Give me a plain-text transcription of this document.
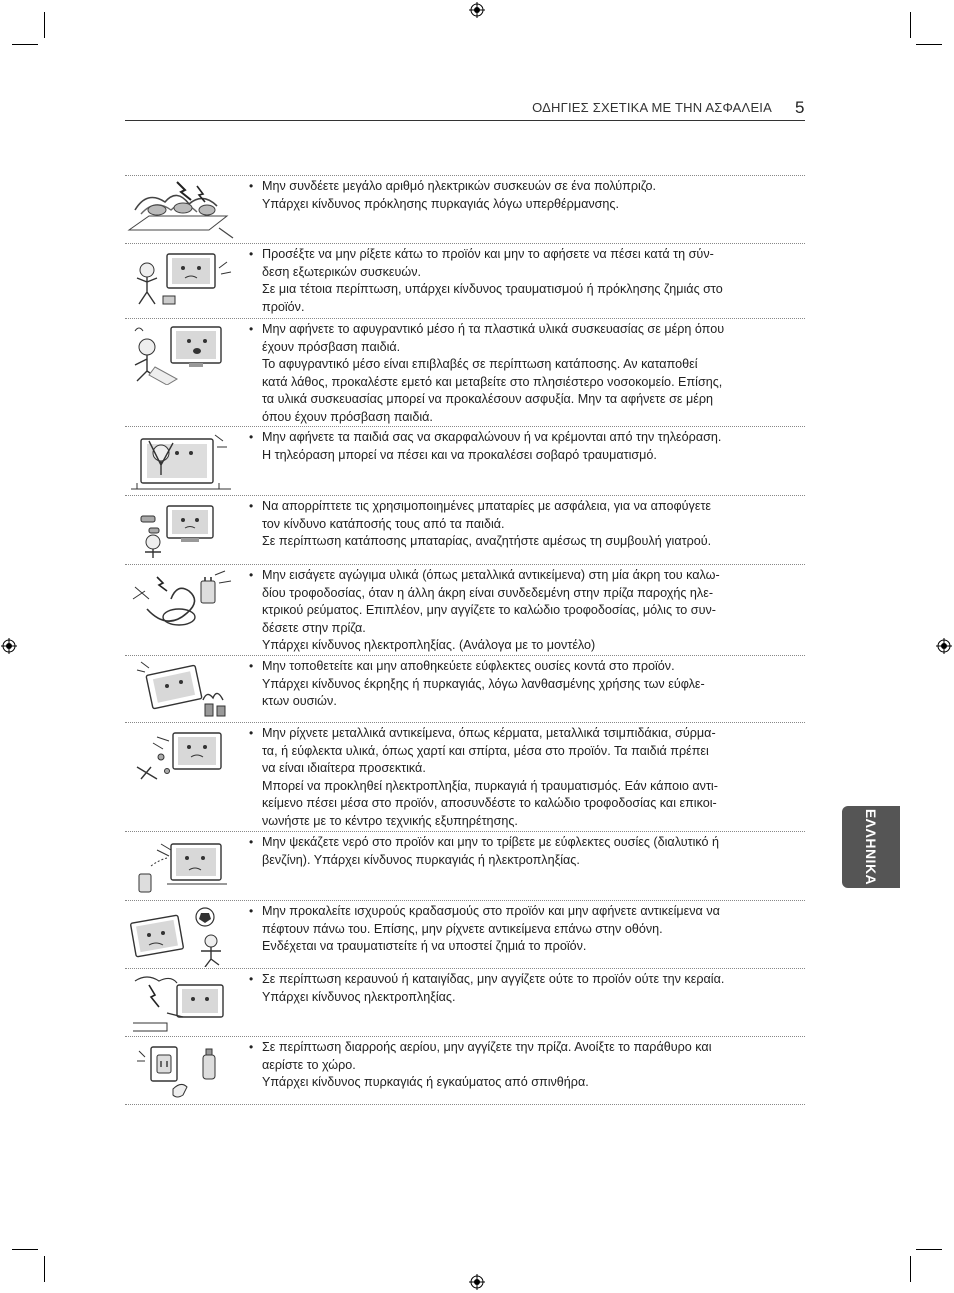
ΟΔΗΓΙΕΣ ΣΧΕΤΙΚΑ ΜΕ ΤΗΝ ΑΣΦΑΛΕΙΑ 5
ΕΛΛΗΝΙΚΑ
• Μην συνδέετε μεγάλο αριθμό ηλεκτρικών συσκευών σε ένα πολύπριζο.
Υπάρχει κίνδυνος πρόκλησης πυρκαγιάς λόγω υπερθέρμανσης.
• Προσέξτε να μην ρίξετε κάτω το προϊόν και μην το αφήσετε να πέσει κατά τη σύν-
δεση εξωτερικών συσκευών.
Σε μια τέτοια περίπτωση, υπάρχει κίνδυνος τραυματισμού ή πρόκλησης ζημιάς στο
προϊόν.
• Μην αφήνετε το αφυγραντικό μέσο ή τα πλαστικά υλικά συσκευασίας σε μέρη όπου
έχουν πρόσβαση παιδιά.
Το αφυγραντικό μέσο είναι επιβλαβές σε περίπτωση κατάποσης. Αν καταποθεί
κατά λάθος, προκαλέστε εμετό και μεταβείτε στο πλησιέστερο νοσοκομείο. Επίσης,
τα υλικά συσκευασίας μπορεί να προκαλέσουν ασφυξία. Μην τα αφήνετε σε μέρη
όπου έχουν πρόσβαση παιδιά.
• Μην αφήνετε τα παιδιά σας να σκαρφαλώνουν ή να κρέμονται από την τηλεόραση.
Η τηλεόραση μπορεί να πέσει και να προκαλέσει σοβαρό τραυματισμό.
• Να απορρίπτετε τις χρησιμοποιημένες μπαταρίες με ασφάλεια, για να αποφύγετε
τον κίνδυνο κατάποσής τους από τα παιδιά.
Σε περίπτωση κατάποσης μπαταρίας, αναζητήστε αμέσως τη συμβουλή γιατρού.
• Μην εισάγετε αγώγιμα υλικά (όπως μεταλλικά αντικείμενα) στη μία άκρη του καλω-
δίου τροφοδοσίας, όταν η άλλη άκρη είναι συνδεδεμένη στην πρίζα παροχής ηλε-
κτρικού ρεύματος. Επιπλέον, μην αγγίζετε το καλώδιο τροφοδοσίας, μόλις το συν-
δέσετε στην πρίζα.
Υπάρχει κίνδυνος ηλεκτροπληξίας. (Ανάλογα με το μοντέλο)
• Μην τοποθετείτε και μην αποθηκεύετε εύφλεκτες ουσίες κοντά στο προϊόν.
Υπάρχει κίνδυνος έκρηξης ή πυρκαγιάς, λόγω λανθασμένης χρήσης των εύφλε-
κτων ουσιών.
• Μην ρίχνετε μεταλλικά αντικείμενα, όπως κέρματα, μεταλλικά τσιμπιδάκια, σύρμα-
τα, ή εύφλεκτα υλικά, όπως χαρτί και σπίρτα, μέσα στο προϊόν. Τα παιδιά πρέπει
να είναι ιδιαίτερα προσεκτικά.
Μπορεί να προκληθεί ηλεκτροπληξία, πυρκαγιά ή τραυματισμός. Εάν κάποιο αντι-
κείμενο πέσει μέσα στο προϊόν, αποσυνδέστε το καλώδιο τροφοδοσίας και επικοι-
νωνήστε με το κέντρο τεχνικής εξυπηρέτησης.
• Μην ψεκάζετε νερό στο προϊόν και μην το τρίβετε με εύφλεκτες ουσίες (διαλυτικό ή
βενζίνη). Υπάρχει κίνδυνος πυρκαγιάς ή ηλεκτροπληξίας.
• Μην προκαλείτε ισχυρούς κραδασμούς στο προϊόν και μην αφήνετε αντικείμενα να
πέφτουν πάνω του. Επίσης, μην ρίχνετε αντικείμενα επάνω στην οθόνη.
Ενδέχεται να τραυματιστείτε ή να υποστεί ζημιά το προϊόν.
• Σε περίπτωση κεραυνού ή καταιγίδας, μην αγγίζετε ούτε το προϊόν ούτε την κεραία.
Υπάρχει κίνδυνος ηλεκτροπληξίας.
• Σε περίπτωση διαρροής αερίου, μην αγγίζετε την πρίζα. Ανοίξτε το παράθυρο και
αερίστε το χώρο.
Υπάρχει κίνδυνος πυρκαγιάς ή εγκαύματος από σπινθήρα.
